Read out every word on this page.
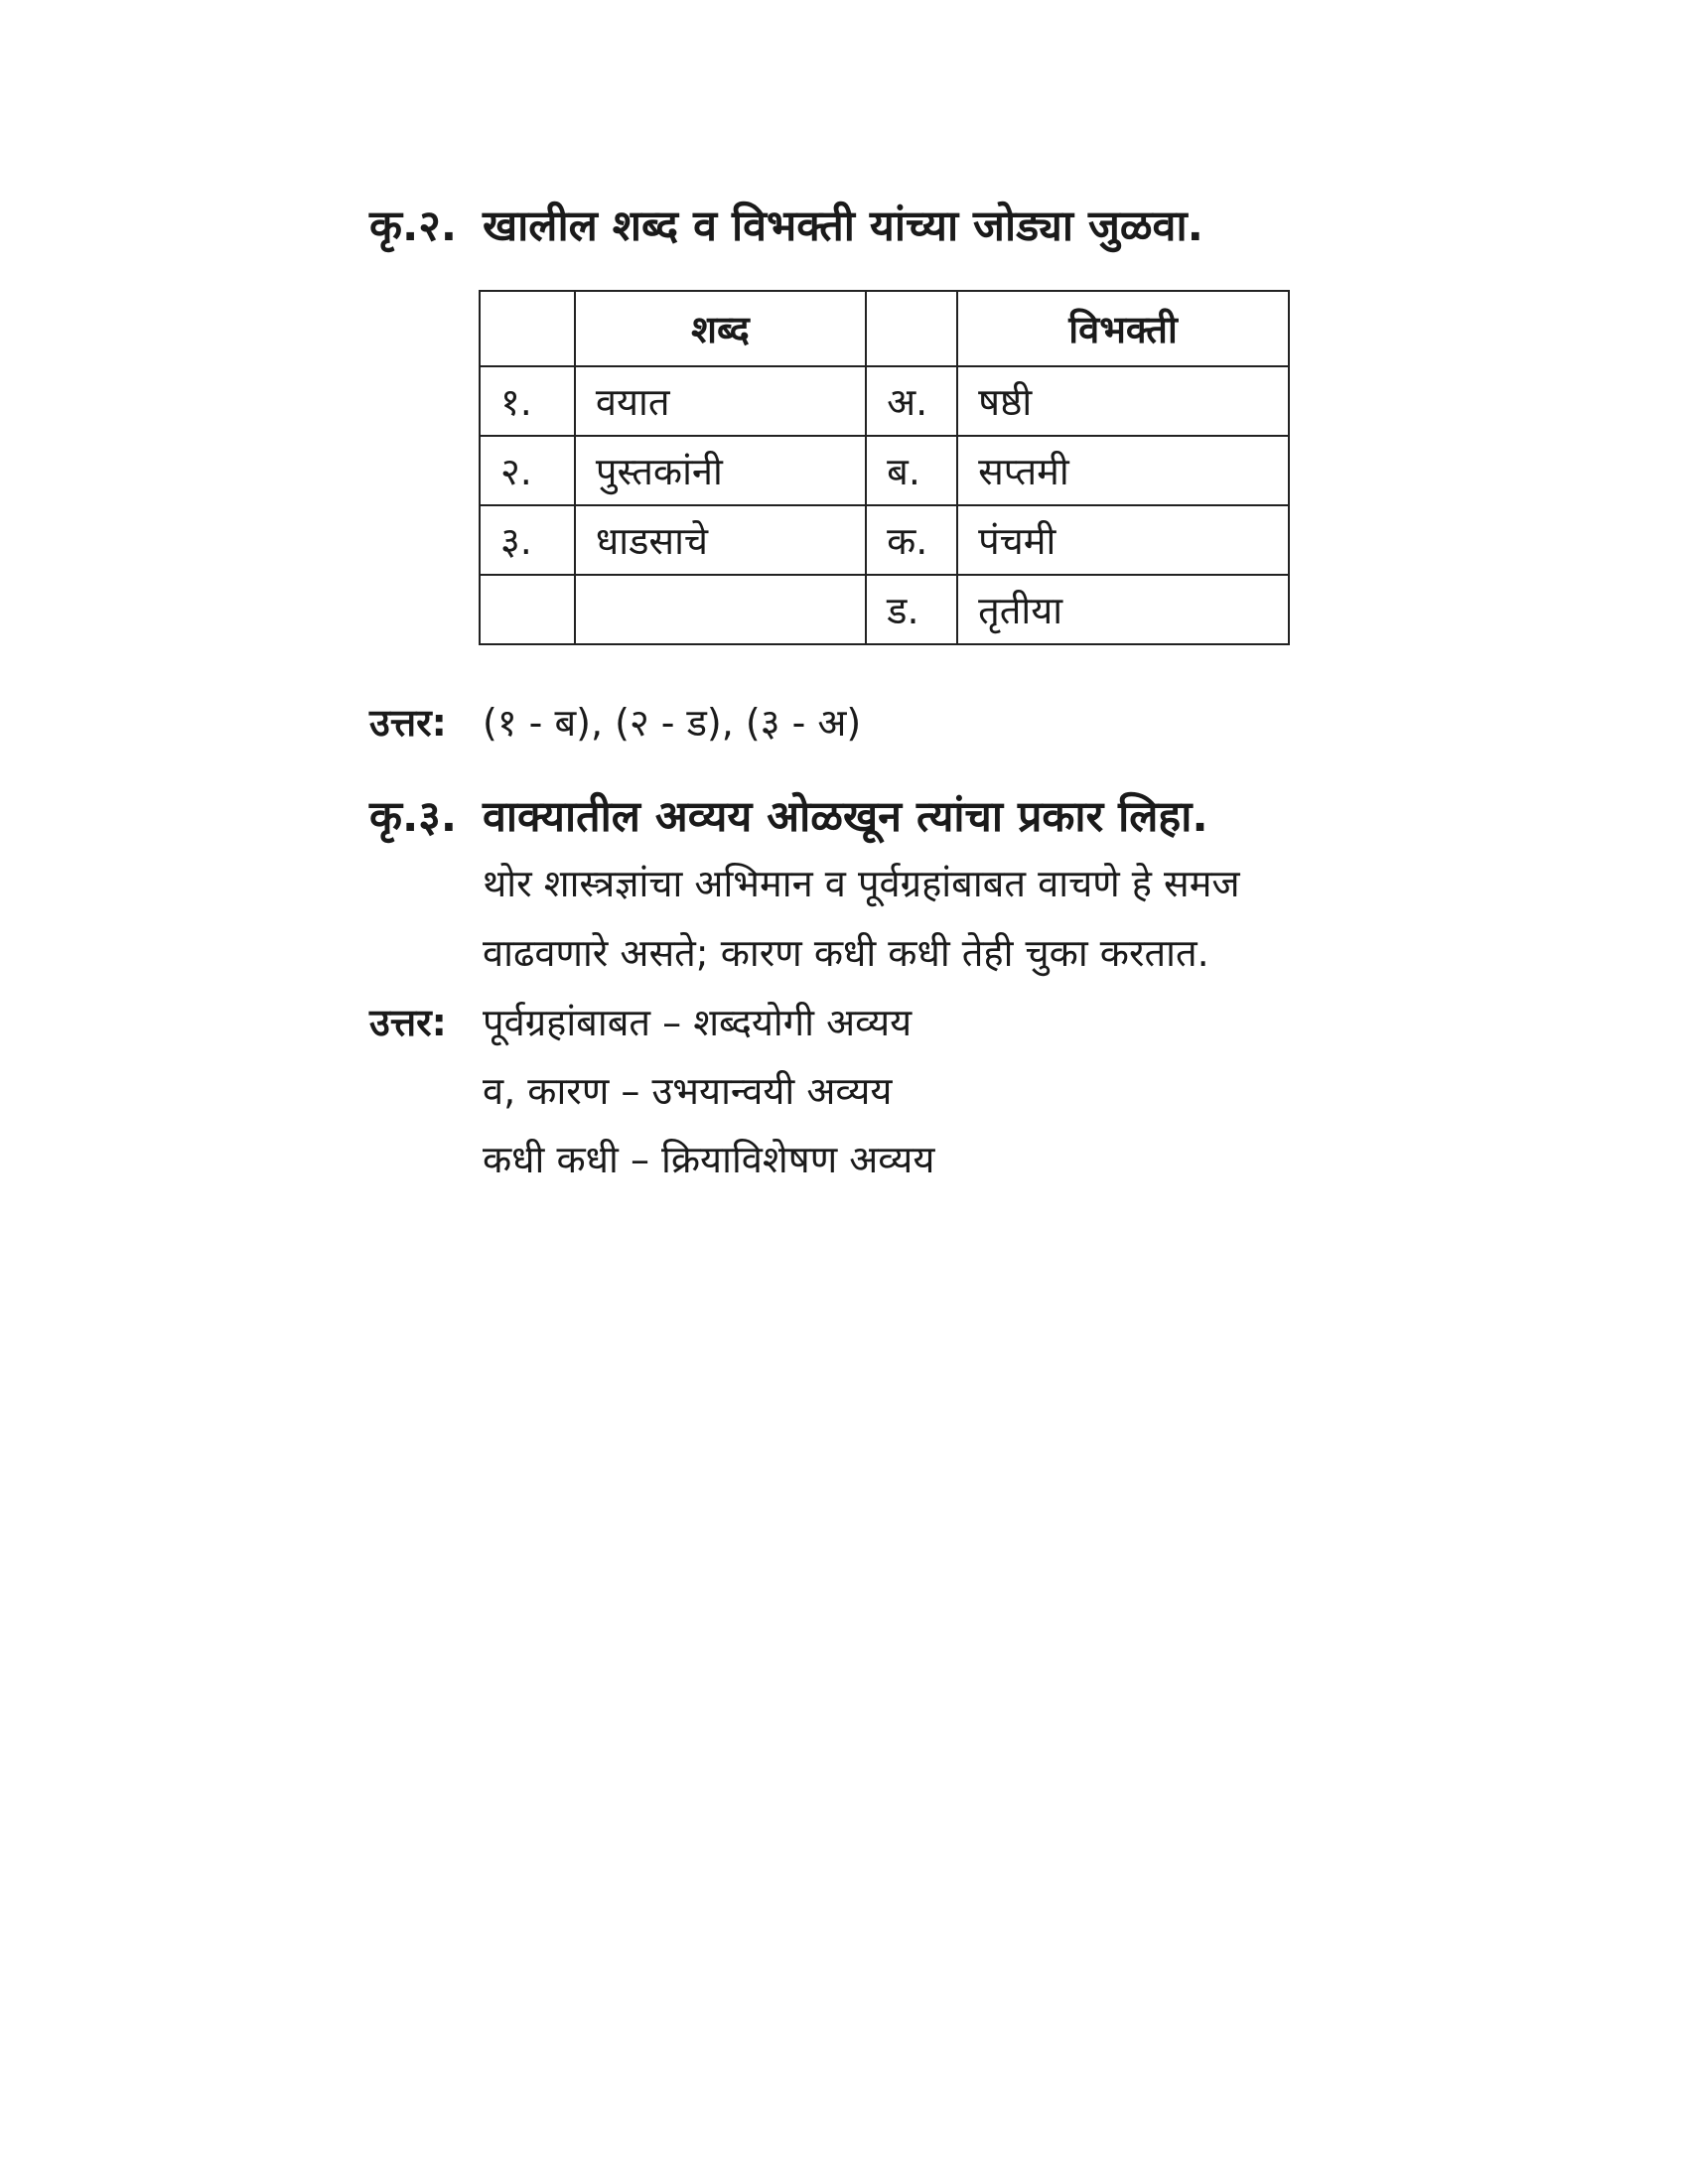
कृ.२. खालील शब्द व विभक्ती यांच्या जोड्या जुळवा.
	शब्द		विभक्ती
१.	वयात	अ.	षष्ठी
२.	पुस्तकांनी	ब.	सप्तमी
३.	धाडसाचे	क.	पंचमी
		ड.	तृतीया
उत्तर: (१ - ब), (२ - ड), (३ - अ)
कृ.३. वाक्यातील अव्यय ओळखून त्यांचा प्रकार लिहा.
थोर शास्त्रज्ञांचा अभिमान व पूर्वग्रहांबाबत वाचणे हे समज
वाढवणारे असते; कारण कधी कधी तेही चुका करतात.
उत्तर: पूर्वग्रहांबाबत – शब्दयोगी अव्यय
व, कारण – उभयान्वयी अव्यय
कधी कधी – क्रियाविशेषण अव्यय
